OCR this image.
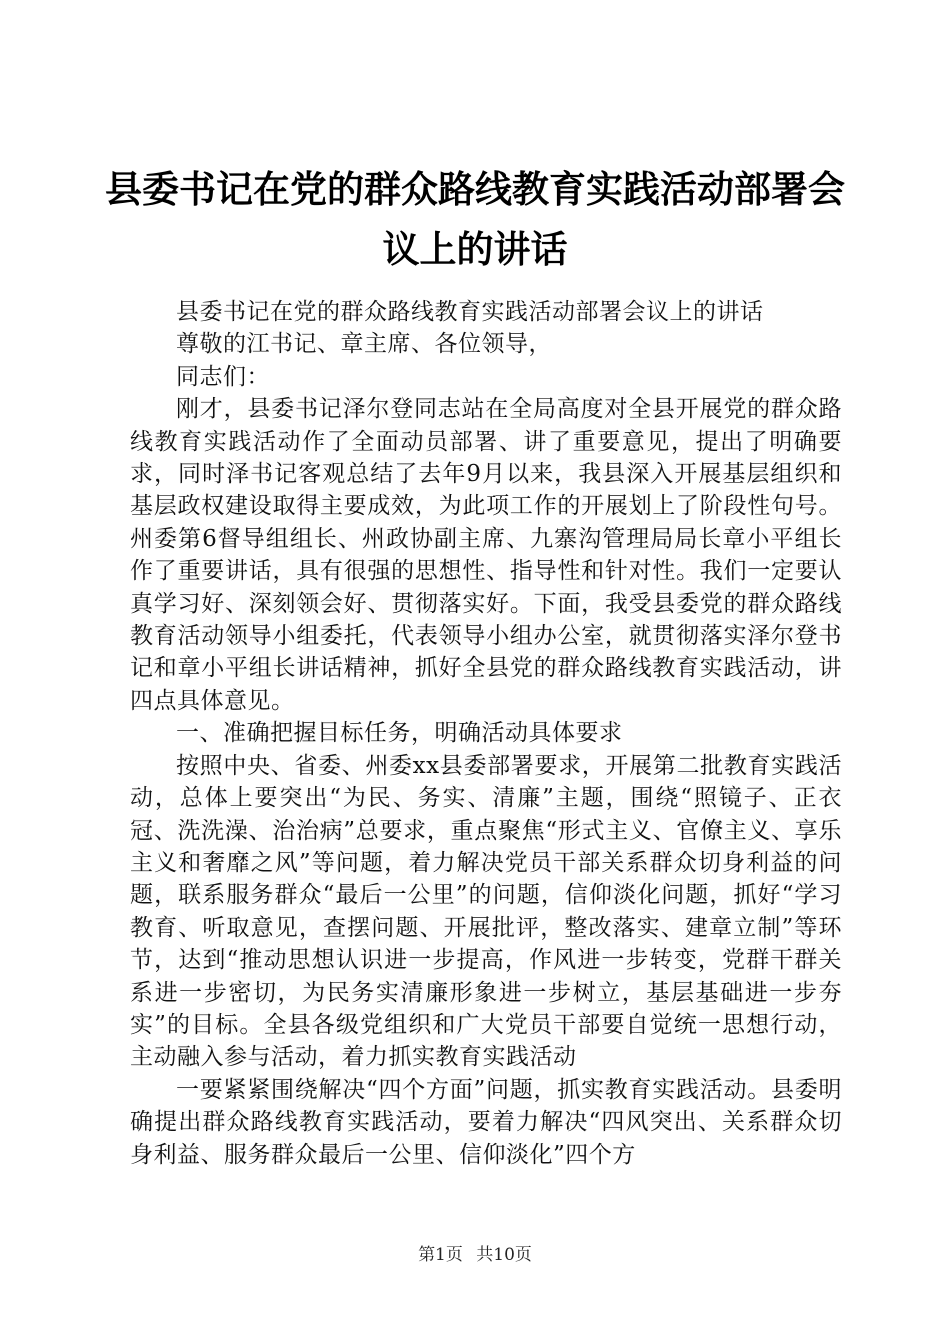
县委书记在党的群众路线教育实践活动部署会
议上的讲话

县委书记在党的群众路线教育实践活动部署会议上的讲话

尊敬的江书记、章主席、各位领导，

同志们：

刚才，县委书记泽尔登同志站在全局高度对全县开展党的群众路线教育实践活动作了全面动员部署、讲了重要意见，提出了明确要求，同时泽书记客观总结了去年9月以来，我县深入开展基层组织和基层政权建设取得主要成效，为此项工作的开展划上了阶段性句号。州委第6督导组组长、州政协副主席、九寨沟管理局局长章小平组长作了重要讲话，具有很强的思想性、指导性和针对性。我们一定要认真学习好、深刻领会好、贯彻落实好。下面，我受县委党的群众路线教育活动领导小组委托，代表领导小组办公室，就贯彻落实泽尔登书记和章小平组长讲话精神，抓好全县党的群众路线教育实践活动，讲四点具体意见。

一、准确把握目标任务，明确活动具体要求

按照中央、省委、州委xx县委部署要求，开展第二批教育实践活动，总体上要突出“为民、务实、清廉”主题，围绕“照镜子、正衣冠、洗洗澡、治治病”总要求，重点聚焦“形式主义、官僚主义、享乐主义和奢靡之风”等问题，着力解决党员干部关系群众切身利益的问题，联系服务群众“最后一公里”的问题，信仰淡化问题，抓好“学习教育、听取意见，查摆问题、开展批评，整改落实、建章立制”等环节，达到“推动思想认识进一步提高，作风进一步转变，党群干群关系进一步密切，为民务实清廉形象进一步树立，基层基础进一步夯实”的目标。全县各级党组织和广大党员干部要自觉统一思想行动，主动融入参与活动，着力抓实教育实践活动

一要紧紧围绕解决“四个方面”问题，抓实教育实践活动。县委明确提出群众路线教育实践活动，要着力解决“四风突出、关系群众切身利益、服务群众最后一公里、信仰淡化”四个方

第1页 共10页
